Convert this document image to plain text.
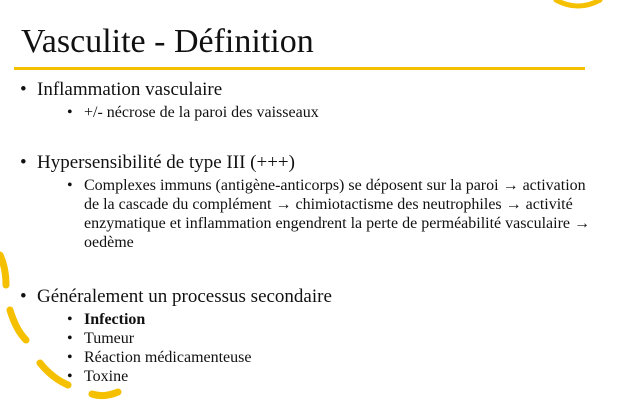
Vasculite - Définition
• Inflammation vasculaire
• +/- nécrose de la paroi des vaisseaux
• Hypersensibilité de type III (+++)
• Complexes immuns (antigène-anticorps) se déposent sur la paroi → activation de la cascade du complément → chimiotactisme des neutrophiles → activité enzymatique et inflammation engendrent la perte de perméabilité vasculaire → oedème
• Généralement un processus secondaire
• Infection
• Tumeur
• Réaction médicamenteuse
• Toxine
